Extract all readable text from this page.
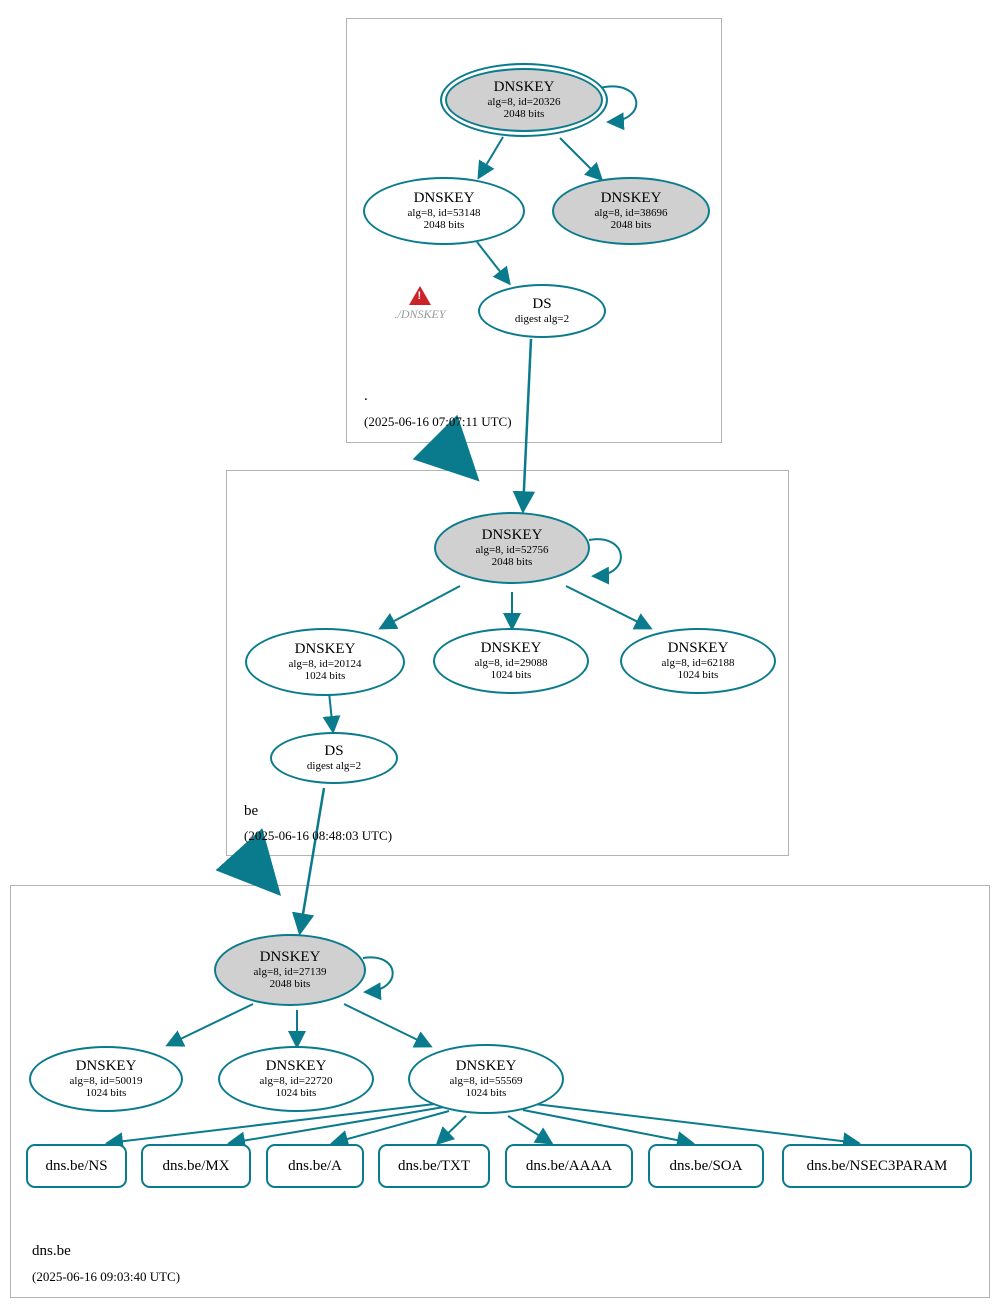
DNSKEY
alg=8, id=20326
2048 bits
DNSKEY
alg=8, id=53148
2048 bits
DNSKEY
alg=8, id=38696
2048 bits
DS
digest alg=2
!
./DNSKEY
.
(2025-06-16 07:07:11 UTC)
DNSKEY
alg=8, id=52756
2048 bits
DNSKEY
alg=8, id=20124
1024 bits
DNSKEY
alg=8, id=29088
1024 bits
DNSKEY
alg=8, id=62188
1024 bits
DS
digest alg=2
be
(2025-06-16 08:48:03 UTC)
DNSKEY
alg=8, id=27139
2048 bits
DNSKEY
alg=8, id=50019
1024 bits
DNSKEY
alg=8, id=22720
1024 bits
DNSKEY
alg=8, id=55569
1024 bits
dns.be/NS	dns.be/MX	dns.be/A	dns.be/TXT	dns.be/AAAA	dns.be/SOA	dns.be/NSEC3PARAM
dns.be
(2025-06-16 09:03:40 UTC)
